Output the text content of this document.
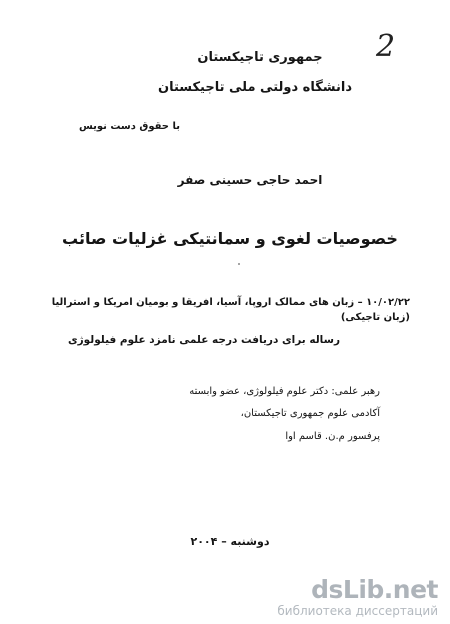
2
جمهوری تاجیکستان
دانشگاه دولتی ملی تاجیکستان
با حقوق دست نویس
احمد حاجی حسینی صفر
خصوصیات لغوی و سمانتیکی غزلیات صائب
۱۰/۰۲/۲۲ – زبان های ممالک اروپا، آسیا، افریقا و بومیان امریکا و استرالیا (زبان تاجیکی)
رساله برای دریافت درجه علمی نامزد علوم فیلولوژی
رهبر علمی: دکتر علوم فیلولوژی، عضو وابسته
آکادمی علوم جمهوری تاجیکستان،
پرفسور م.ن. قاسم اوا
دوشنبه – ۲۰۰۴
dsLib.net
библиотека диссертаций
